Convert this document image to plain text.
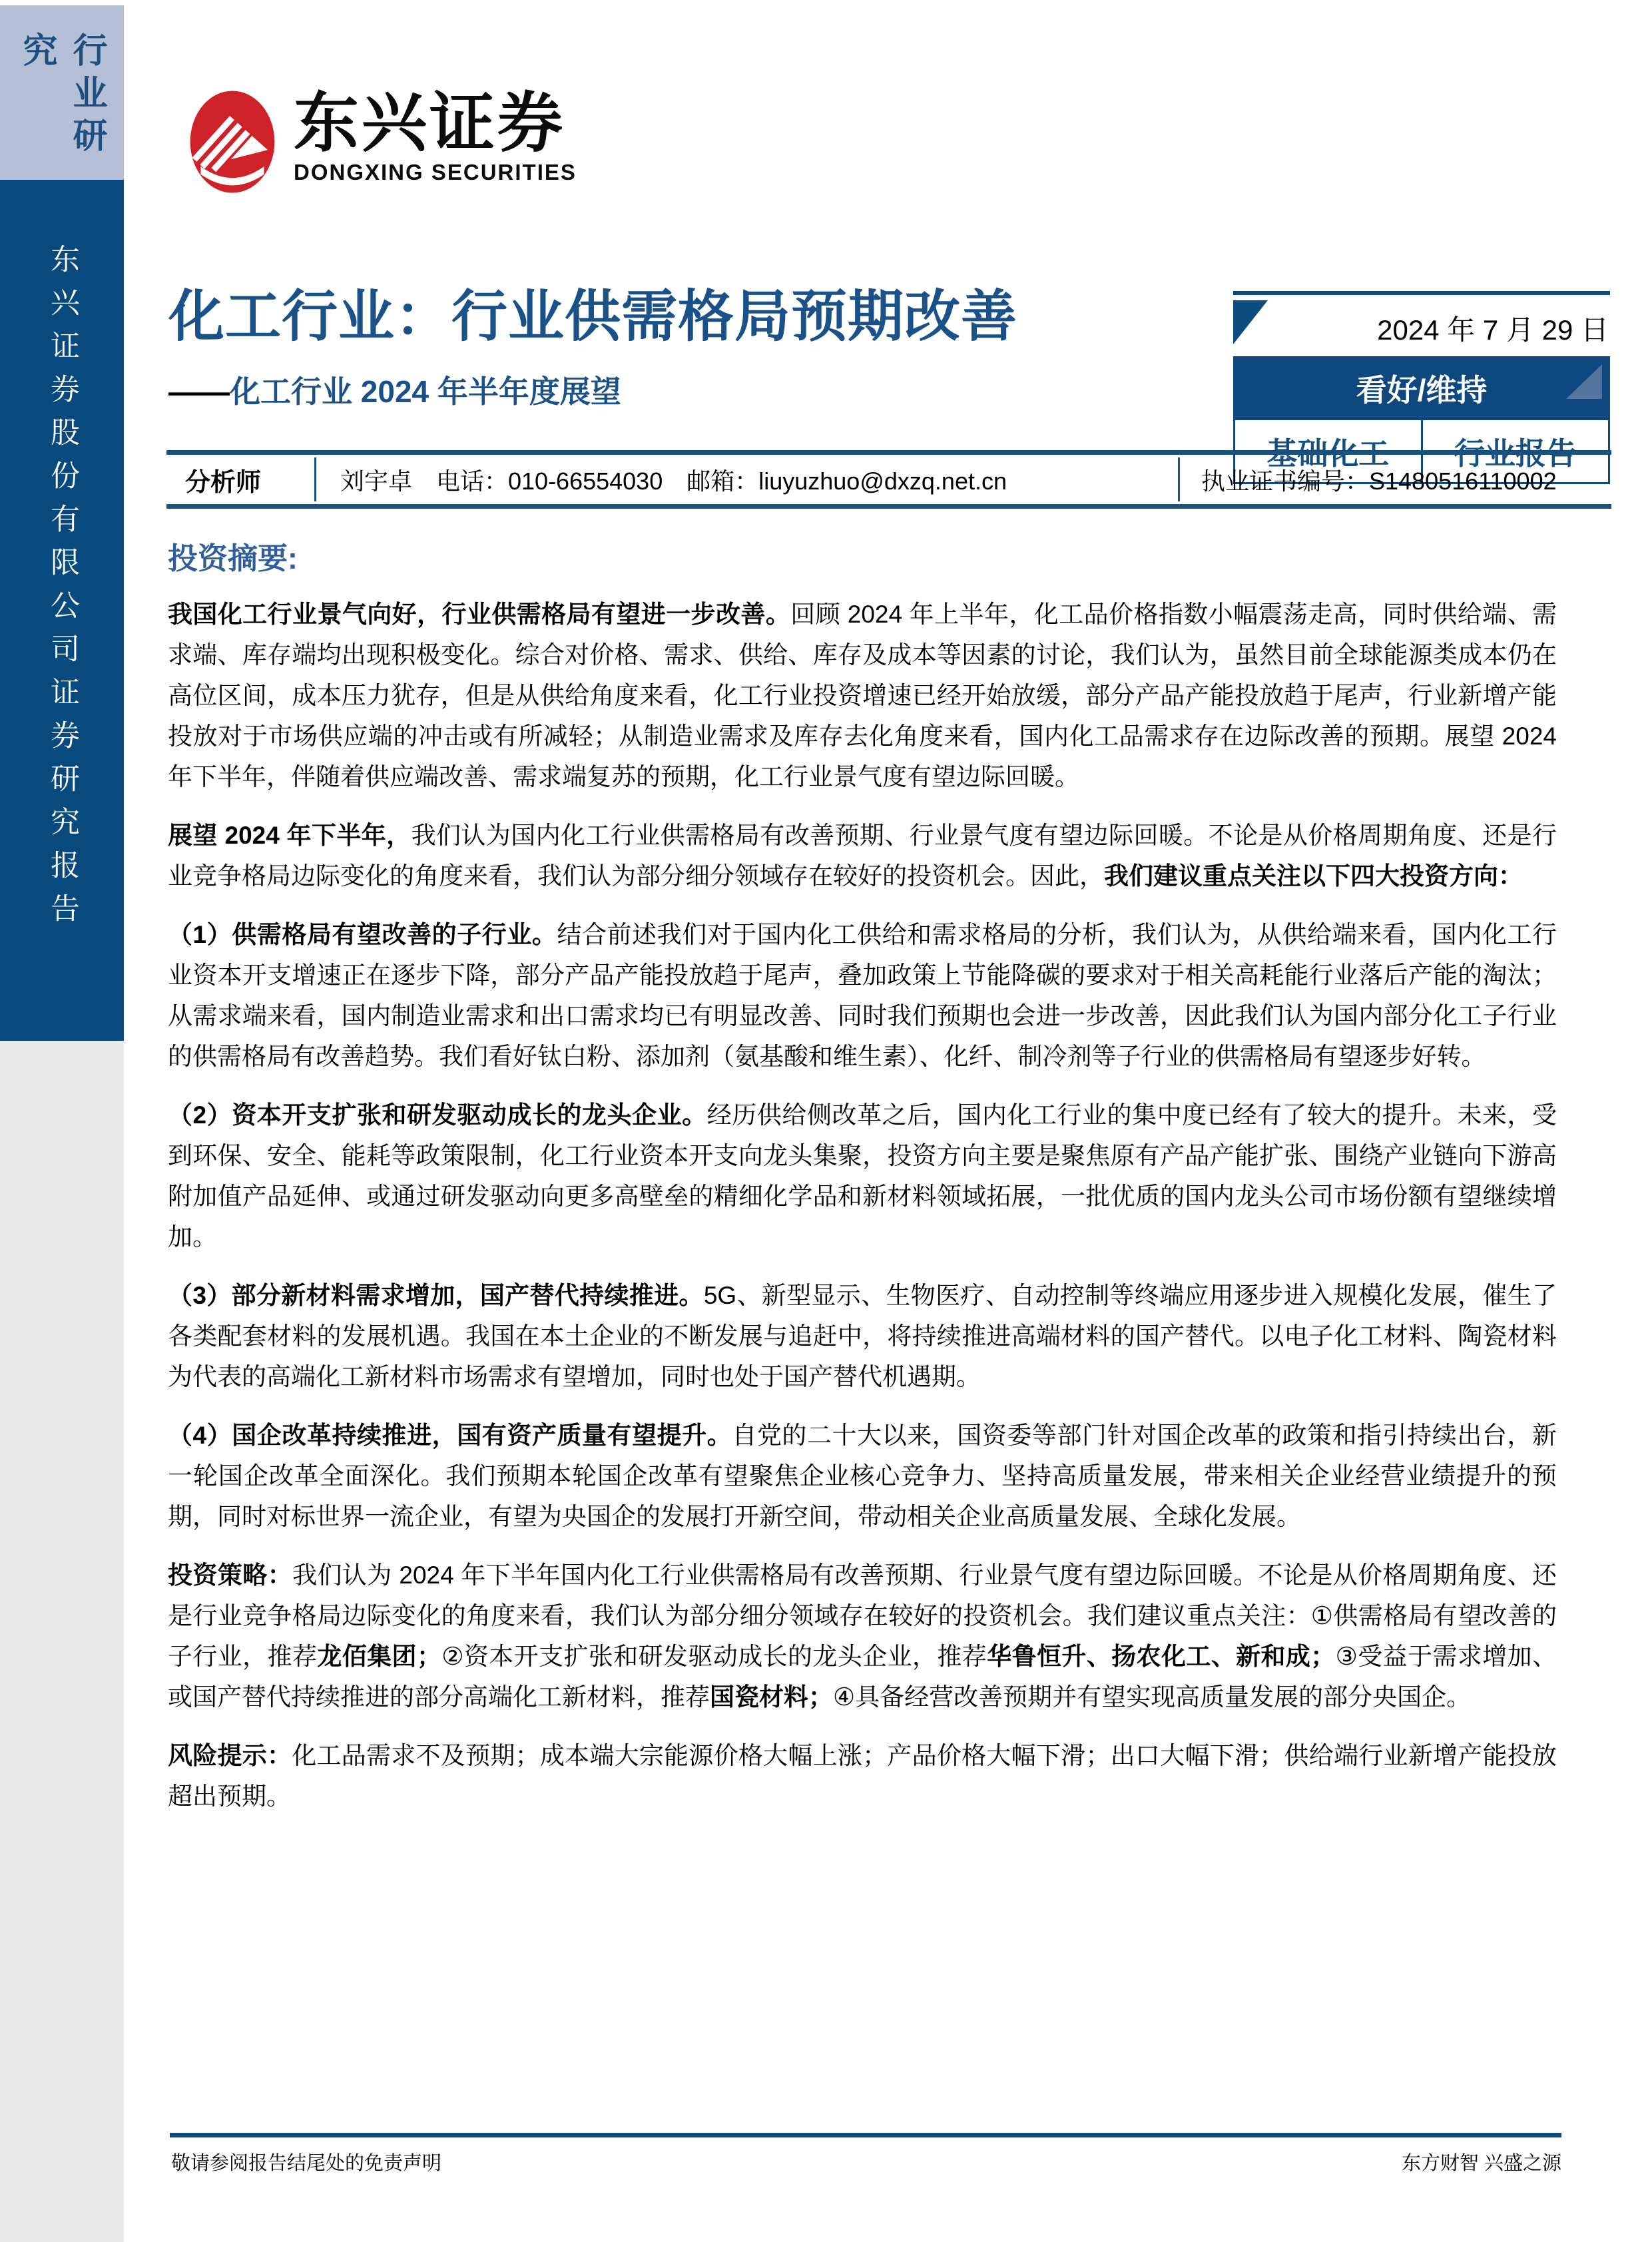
行业研究
东兴证券股份有限公司证券研究报告
东兴证券
DONGXING SECURITIES
化工行业：行业供需格局预期改善
——化工行业 2024 年半年度展望
2024 年 7 月 29 日
看好/维持
基础化工	行业报告
分析师	刘宇卓　电话：010-66554030　邮箱：liuyuzhuo@dxzq.net.cn	执业证书编号：S1480516110002
投资摘要:

我国化工行业景气向好，行业供需格局有望进一步改善。回顾 2024 年上半年，化工品价格指数小幅震荡走高，同时供给端、需求端、库存端均出现积极变化。综合对价格、需求、供给、库存及成本等因素的讨论，我们认为，虽然目前全球能源类成本仍在高位区间，成本压力犹存，但是从供给角度来看，化工行业投资增速已经开始放缓，部分产品产能投放趋于尾声，行业新增产能投放对于市场供应端的冲击或有所减轻；从制造业需求及库存去化角度来看，国内化工品需求存在边际改善的预期。展望 2024 年下半年，伴随着供应端改善、需求端复苏的预期，化工行业景气度有望边际回暖。

展望 2024 年下半年，我们认为国内化工行业供需格局有改善预期、行业景气度有望边际回暖。不论是从价格周期角度、还是行业竞争格局边际变化的角度来看，我们认为部分细分领域存在较好的投资机会。因此，我们建议重点关注以下四大投资方向：

（1）供需格局有望改善的子行业。结合前述我们对于国内化工供给和需求格局的分析，我们认为，从供给端来看，国内化工行业资本开支增速正在逐步下降，部分产品产能投放趋于尾声，叠加政策上节能降碳的要求对于相关高耗能行业落后产能的淘汰；从需求端来看，国内制造业需求和出口需求均已有明显改善、同时我们预期也会进一步改善，因此我们认为国内部分化工子行业的供需格局有改善趋势。我们看好钛白粉、添加剂（氨基酸和维生素）、化纤、制冷剂等子行业的供需格局有望逐步好转。

（2）资本开支扩张和研发驱动成长的龙头企业。经历供给侧改革之后，国内化工行业的集中度已经有了较大的提升。未来，受到环保、安全、能耗等政策限制，化工行业资本开支向龙头集聚，投资方向主要是聚焦原有产品产能扩张、围绕产业链向下游高附加值产品延伸、或通过研发驱动向更多高壁垒的精细化学品和新材料领域拓展，一批优质的国内龙头公司市场份额有望继续增加。

（3）部分新材料需求增加，国产替代持续推进。5G、新型显示、生物医疗、自动控制等终端应用逐步进入规模化发展，催生了各类配套材料的发展机遇。我国在本土企业的不断发展与追赶中，将持续推进高端材料的国产替代。以电子化工材料、陶瓷材料为代表的高端化工新材料市场需求有望增加，同时也处于国产替代机遇期。

（4）国企改革持续推进，国有资产质量有望提升。自党的二十大以来，国资委等部门针对国企改革的政策和指引持续出台，新一轮国企改革全面深化。我们预期本轮国企改革有望聚焦企业核心竞争力、坚持高质量发展，带来相关企业经营业绩提升的预期，同时对标世界一流企业，有望为央国企的发展打开新空间，带动相关企业高质量发展、全球化发展。

投资策略：我们认为 2024 年下半年国内化工行业供需格局有改善预期、行业景气度有望边际回暖。不论是从价格周期角度、还是行业竞争格局边际变化的角度来看，我们认为部分细分领域存在较好的投资机会。我们建议重点关注：①供需格局有望改善的子行业，推荐龙佰集团；②资本开支扩张和研发驱动成长的龙头企业，推荐华鲁恒升、扬农化工、新和成；③受益于需求增加、或国产替代持续推进的部分高端化工新材料，推荐国瓷材料；④具备经营改善预期并有望实现高质量发展的部分央国企。

风险提示：化工品需求不及预期；成本端大宗能源价格大幅上涨；产品价格大幅下滑；出口大幅下滑；供给端行业新增产能投放超出预期。

敬请参阅报告结尾处的免责声明	东方财智 兴盛之源
